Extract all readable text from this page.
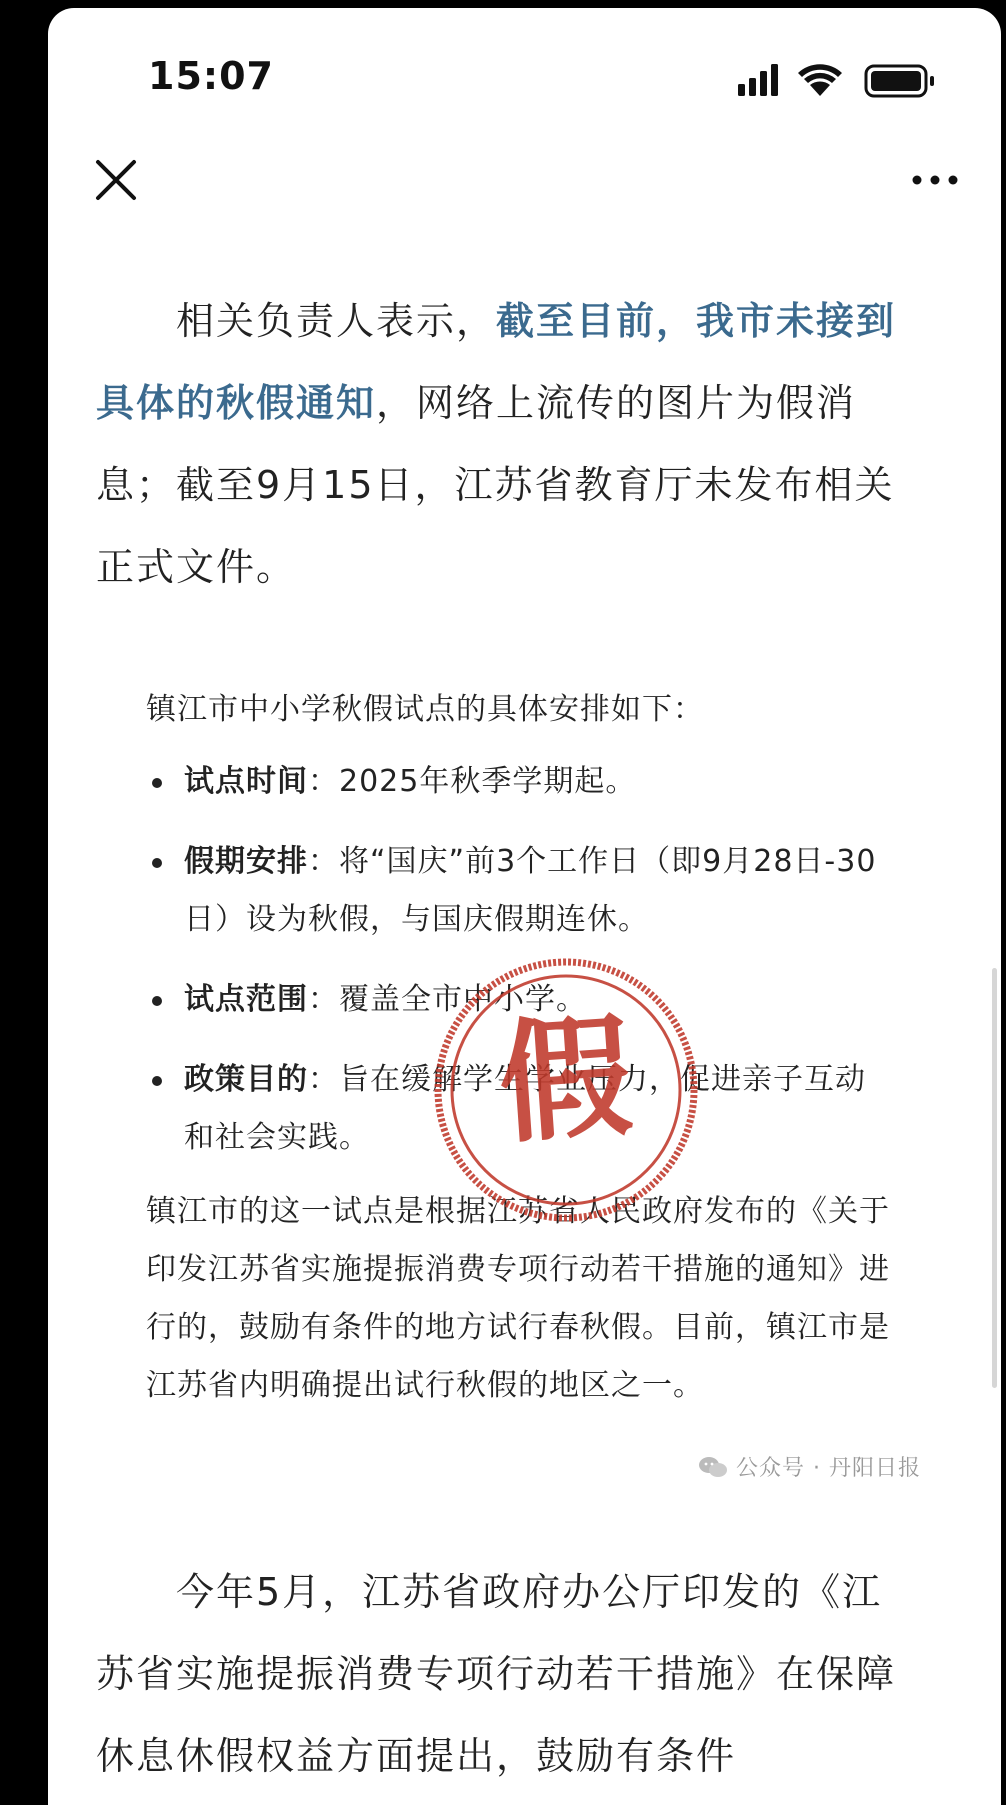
15:07
相关负责人表示，截至目前，我市未接到具体的秋假通知，网络上流传的图片为假消息；截至9月15日，江苏省教育厅未发布相关正式文件。
镇江市中小学秋假试点的具体安排如下：
试点时间：2025年秋季学期起。
假期安排：将“国庆”前3个工作日（即9月28日-30日）设为秋假，与国庆假期连休。
试点范围：覆盖全市中小学。
政策目的：旨在缓解学生学业压力，促进亲子互动和社会实践。
镇江市的这一试点是根据江苏省人民政府发布的《关于印发江苏省实施提振消费专项行动若干措施的通知》进行的，鼓励有条件的地方试行春秋假。目前，镇江市是江苏省内明确提出试行秋假的地区之一。
公众号 · 丹阳日报
假
今年5月，江苏省政府办公厅印发的《江苏省实施提振消费专项行动若干措施》在保障休息休假权益方面提出，鼓励有条件
